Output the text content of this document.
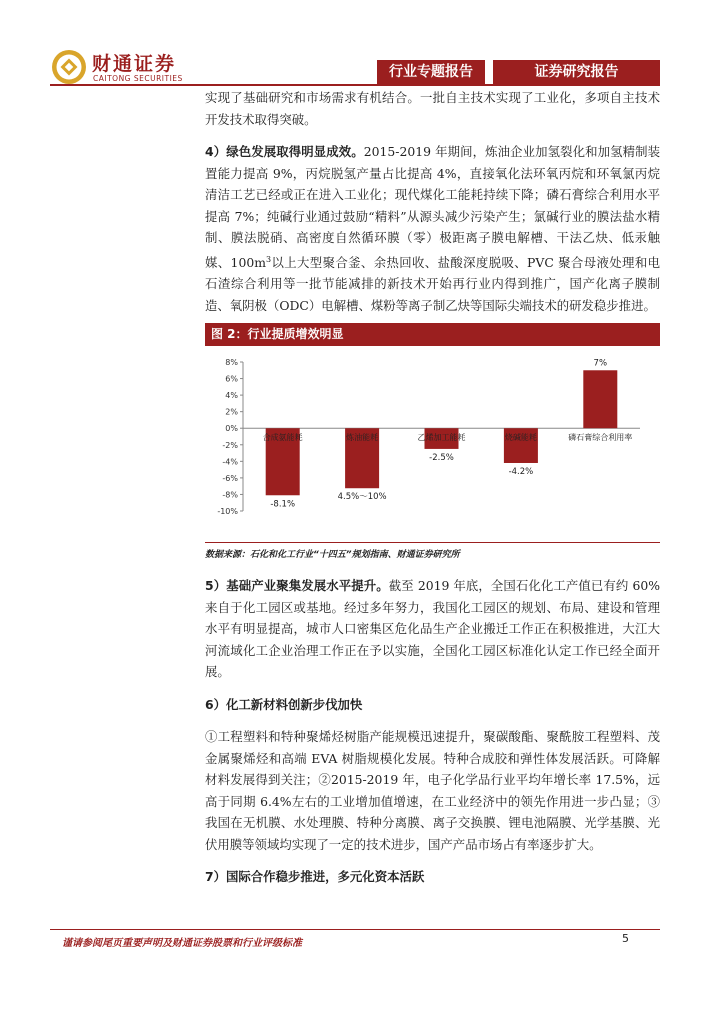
财通证券
CAITONG SECURITIES	行业专题报告	证券研究报告

实现了基础研究和市场需求有机结合。一批自主技术实现了工业化，多项自主技术开发技术取得突破。

4）绿色发展取得明显成效。2015-2019 年期间，炼油企业加氢裂化和加氢精制装置能力提高 9%，丙烷脱氢产量占比提高 4%，直接氧化法环氧丙烷和环氧氯丙烷清洁工艺已经或正在进入工业化；现代煤化工能耗持续下降；磷石膏综合利用水平提高 7%；纯碱行业通过鼓励“精料”从源头减少污染产生；氯碱行业的膜法盐水精制、膜法脱硝、高密度自然循环膜（零）极距离子膜电解槽、干法乙炔、低汞触媒、$100m^3$以上大型聚合釜、余热回收、盐酸深度脱吸、PVC 聚合母液处理和电石渣综合利用等一批节能减排的新技术开始再行业内得到推广，国产化离子膜制造、氧阴极（ODC）电解槽、煤粉等离子制乙炔等国际尖端技术的研发稳步推进。

图 2：行业提质增效明显
8%
6%
4%
2%
0%
-2%
-4%
-6%
-8%
-10%
合成氨能耗
-8.1%
炼油能耗
4.5%～10%
乙烯加工能耗
-2.5%
烧碱能耗
-4.2%
磷石膏综合利用率
7%
数据来源：石化和化工行业“十四五”规划指南、财通证券研究所

5）基础产业聚集发展水平提升。截至 2019 年底，全国石化化工产值已有约 60%来自于化工园区或基地。经过多年努力，我国化工园区的规划、布局、建设和管理水平有明显提高，城市人口密集区危化品生产企业搬迁工作正在积极推进，大江大河流域化工企业治理工作正在予以实施，全国化工园区标准化认定工作已经全面开展。

6）化工新材料创新步伐加快

①工程塑料和特种聚烯烃树脂产能规模迅速提升，聚碳酸酯、聚酰胺工程塑料、茂金属聚烯烃和高端 EVA 树脂规模化发展。特种合成胶和弹性体发展活跃。可降解材料发展得到关注；②2015-2019 年，电子化学品行业平均年增长率 17.5%，远高于同期 6.4%左右的工业增加值增速，在工业经济中的领先作用进一步凸显；③我国在无机膜、水处理膜、特种分离膜、离子交换膜、锂电池隔膜、光学基膜、光伏用膜等领域均实现了一定的技术进步，国产产品市场占有率逐步扩大。

7）国际合作稳步推进，多元化资本活跃

谨请参阅尾页重要声明及财通证券股票和行业评级标准	5
